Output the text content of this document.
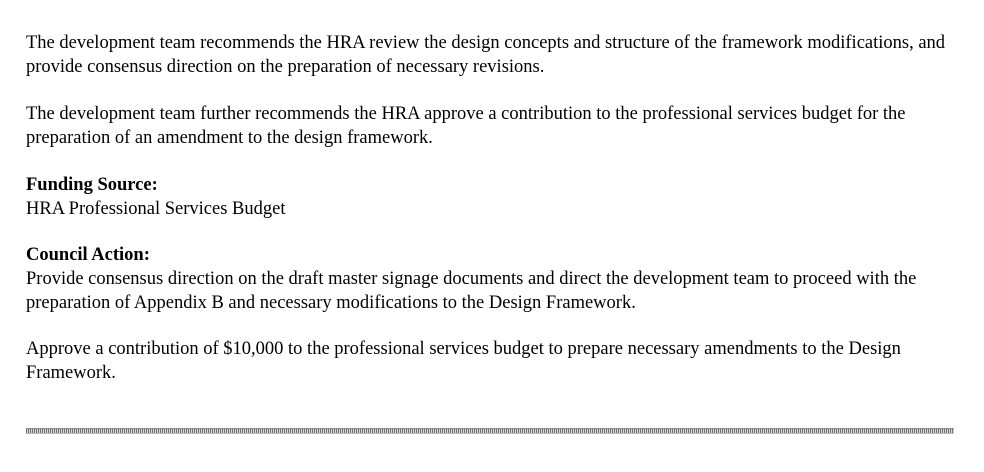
The development team recommends the HRA review the design concepts and structure of the framework modifications, and provide consensus direction on the preparation of necessary revisions.

The development team further recommends the HRA approve a contribution to the professional services budget for the preparation of an amendment to the design framework.

Funding Source:

HRA Professional Services Budget

Council Action:

Provide consensus direction on the draft master signage documents and direct the development team to proceed with the preparation of Appendix B and necessary modifications to the Design Framework.

Approve a contribution of $10,000 to the professional services budget to prepare necessary amendments to the Design Framework.
